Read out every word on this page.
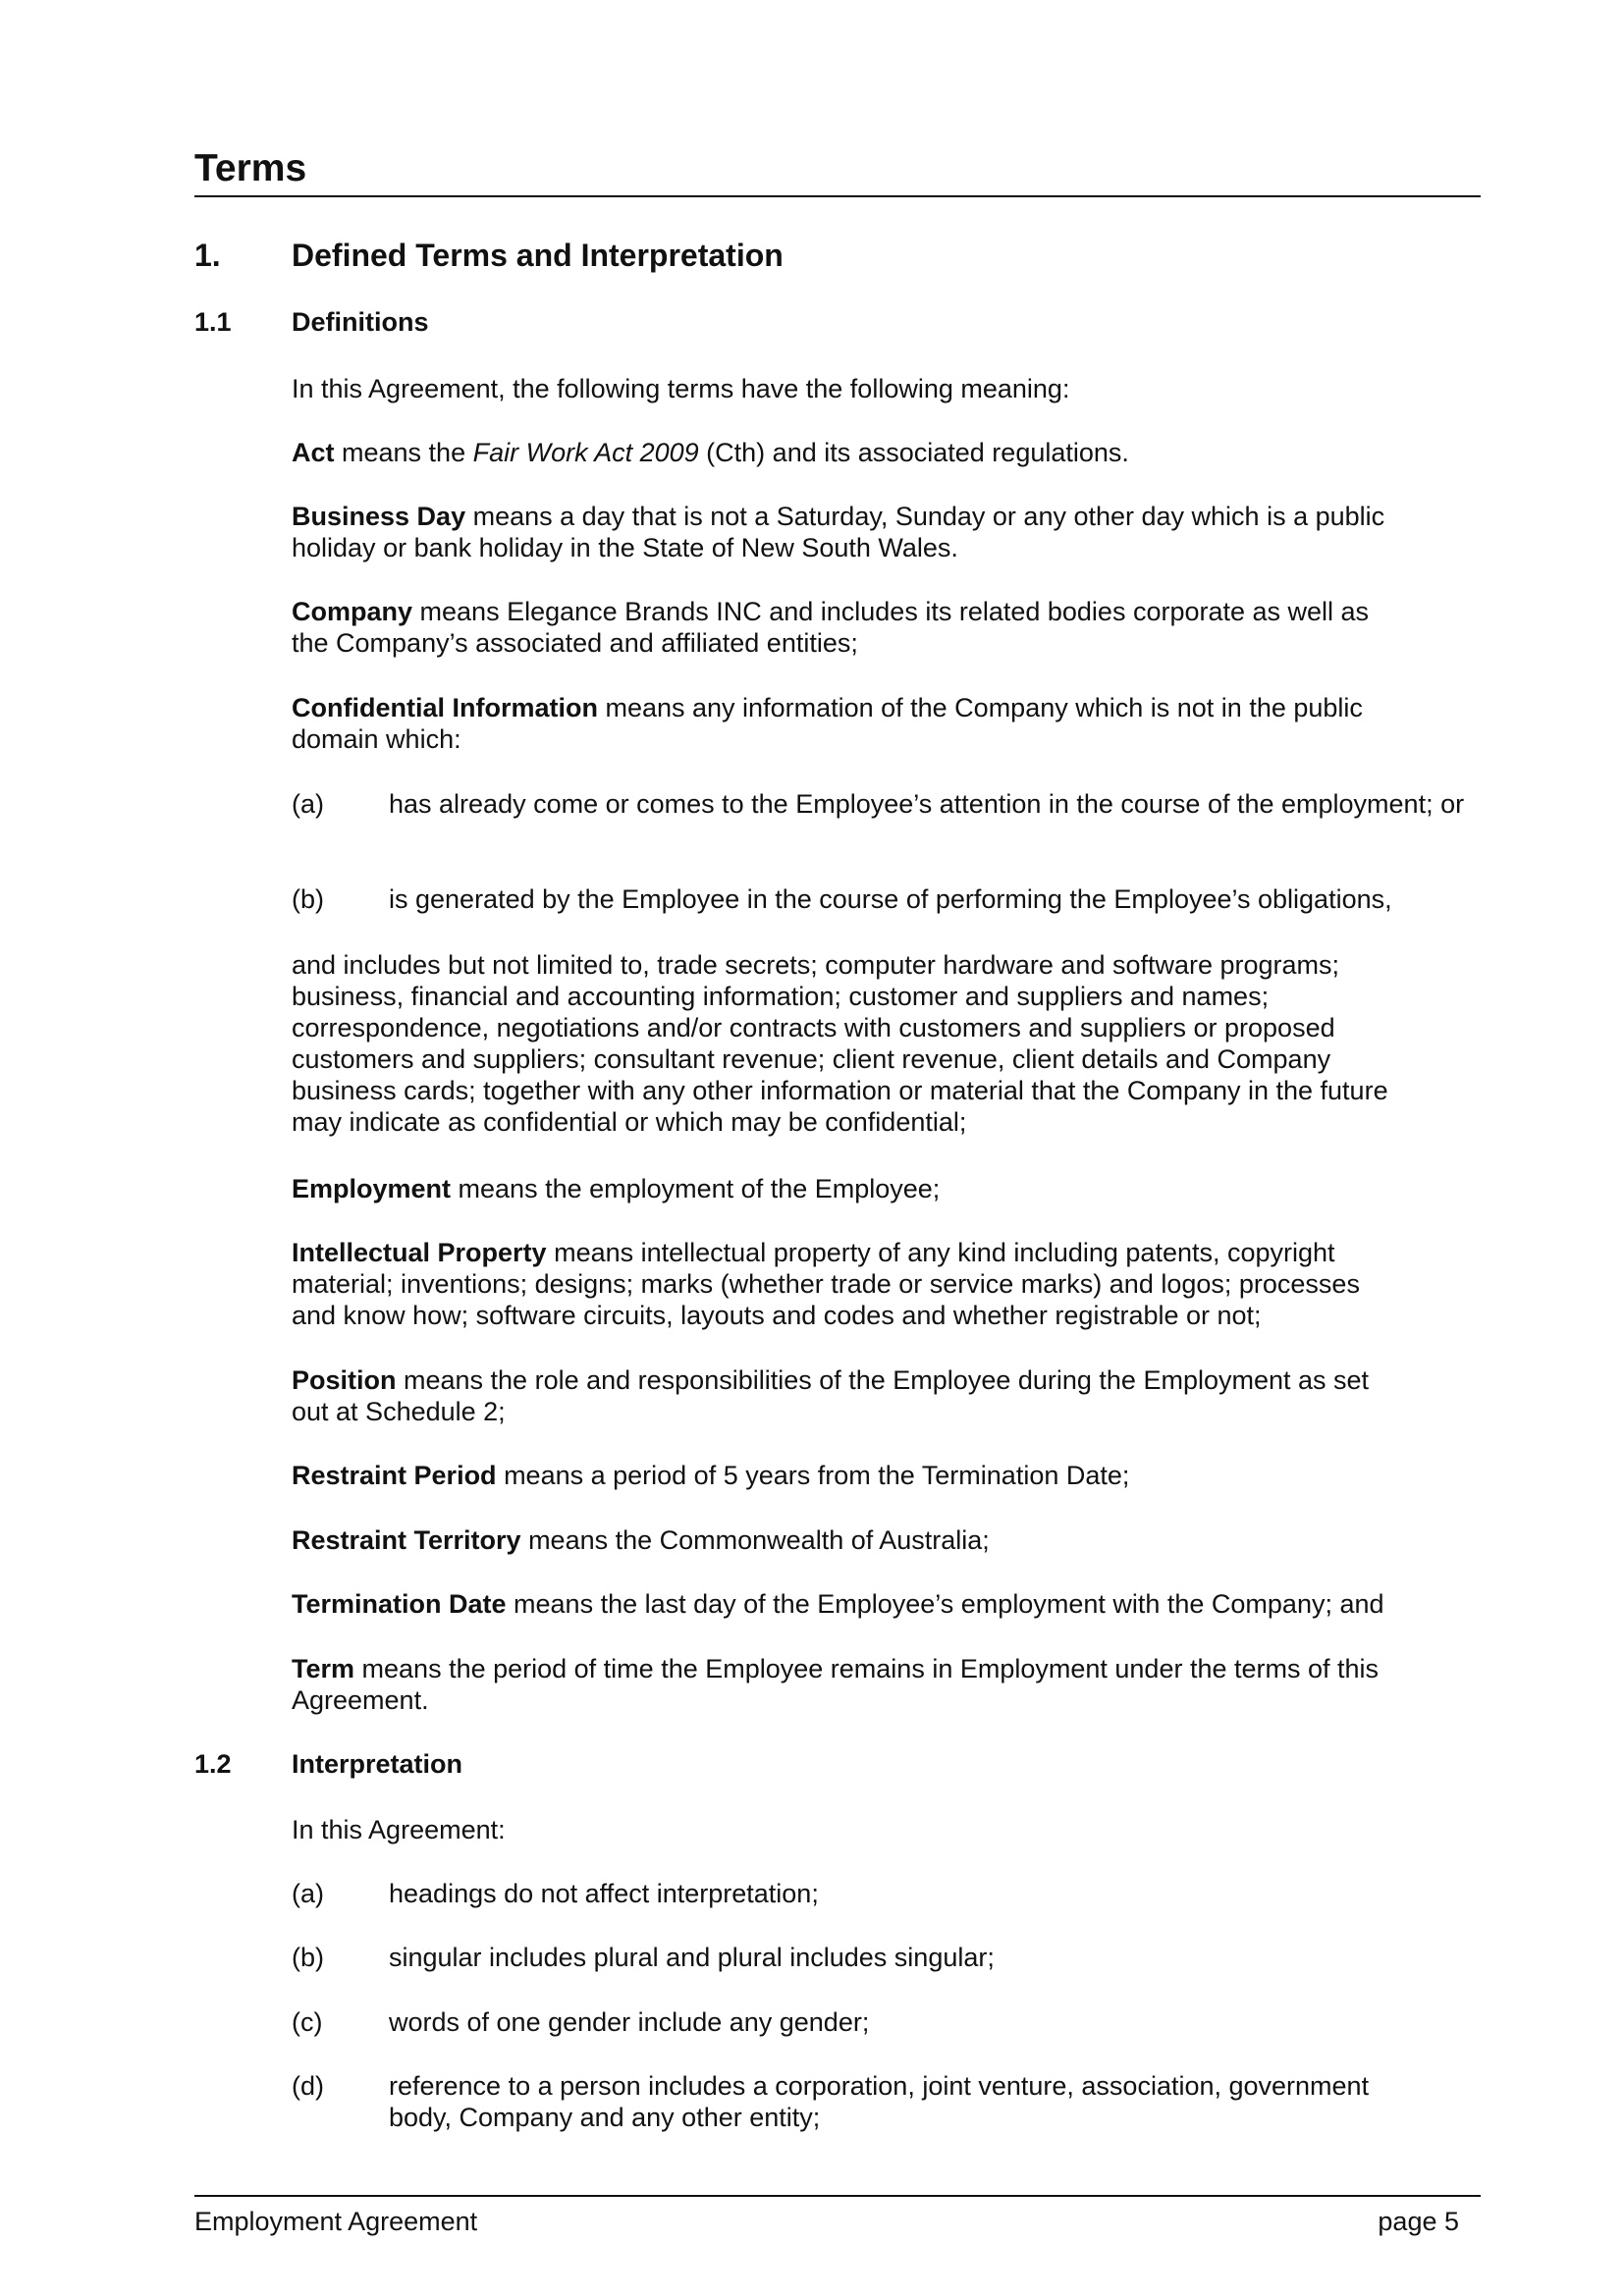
Terms
1. Defined Terms and Interpretation
1.1 Definitions
In this Agreement, the following terms have the following meaning:
Act means the Fair Work Act 2009 (Cth) and its associated regulations.
Business Day means a day that is not a Saturday, Sunday or any other day which is a public holiday or bank holiday in the State of New South Wales.
Company means Elegance Brands INC and includes its related bodies corporate as well as the Company’s associated and affiliated entities;
Confidential Information means any information of the Company which is not in the public domain which:
(a) has already come or comes to the Employee’s attention in the course of the employment; or
(b) is generated by the Employee in the course of performing the Employee’s obligations,
and includes but not limited to, trade secrets; computer hardware and software programs; business, financial and accounting information; customer and suppliers and names; correspondence, negotiations and/or contracts with customers and suppliers or proposed customers and suppliers; consultant revenue; client revenue, client details and Company business cards; together with any other information or material that the Company in the future may indicate as confidential or which may be confidential;
Employment means the employment of the Employee;
Intellectual Property means intellectual property of any kind including patents, copyright material; inventions; designs; marks (whether trade or service marks) and logos; processes and know how; software circuits, layouts and codes and whether registrable or not;
Position means the role and responsibilities of the Employee during the Employment as set out at Schedule 2;
Restraint Period means a period of 5 years from the Termination Date;
Restraint Territory means the Commonwealth of Australia;
Termination Date means the last day of the Employee’s employment with the Company; and
Term means the period of time the Employee remains in Employment under the terms of this Agreement.
1.2 Interpretation
In this Agreement:
(a) headings do not affect interpretation;
(b) singular includes plural and plural includes singular;
(c)	words of one gender include any gender;
(d) reference to a person includes a corporation, joint venture, association, government body, Company and any other entity;
Employment Agreement	page 5
